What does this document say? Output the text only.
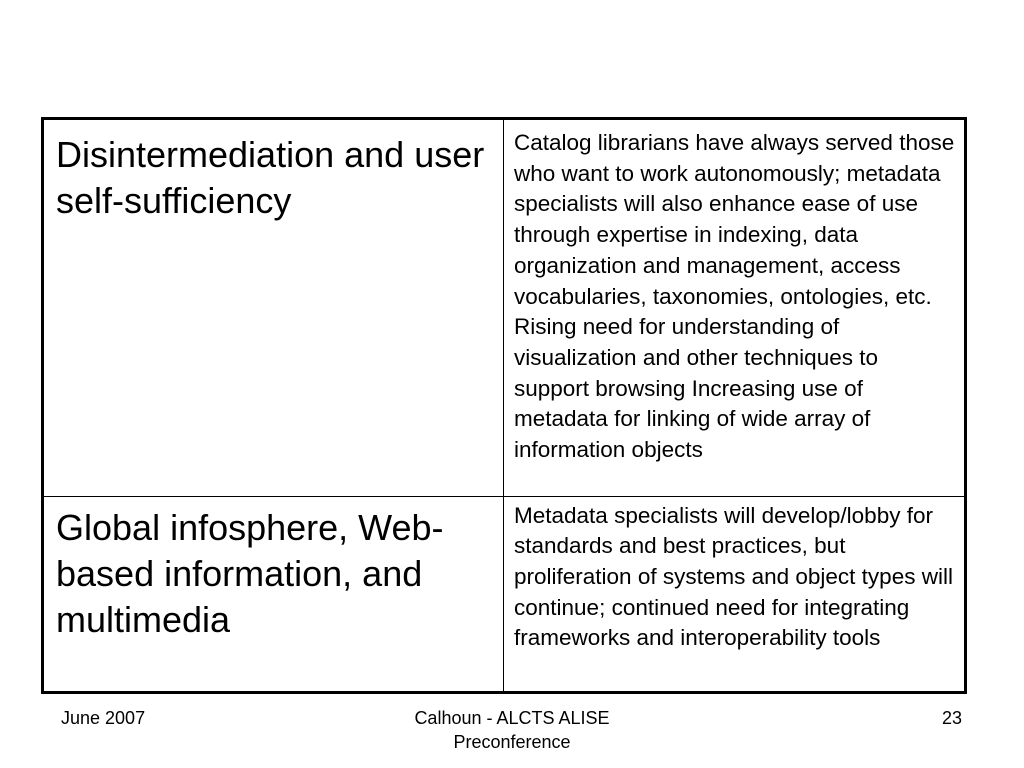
Disintermediation and user self-sufficiency	Catalog librarians have always served those who want to work autonomously; metadata specialists will also enhance ease of use through expertise in indexing, data organization and management, access vocabularies, taxonomies, ontologies, etc. Rising need for understanding of visualization and other techniques to support browsing Increasing use of metadata for linking of wide array of information objects

Global infosphere, Web-based information, and multimedia	Metadata specialists will develop/lobby for standards and best practices, but proliferation of systems and object types will continue; continued need for integrating frameworks and interoperability tools
June 2007	Calhoun - ALCTS ALISE
Preconference
23
